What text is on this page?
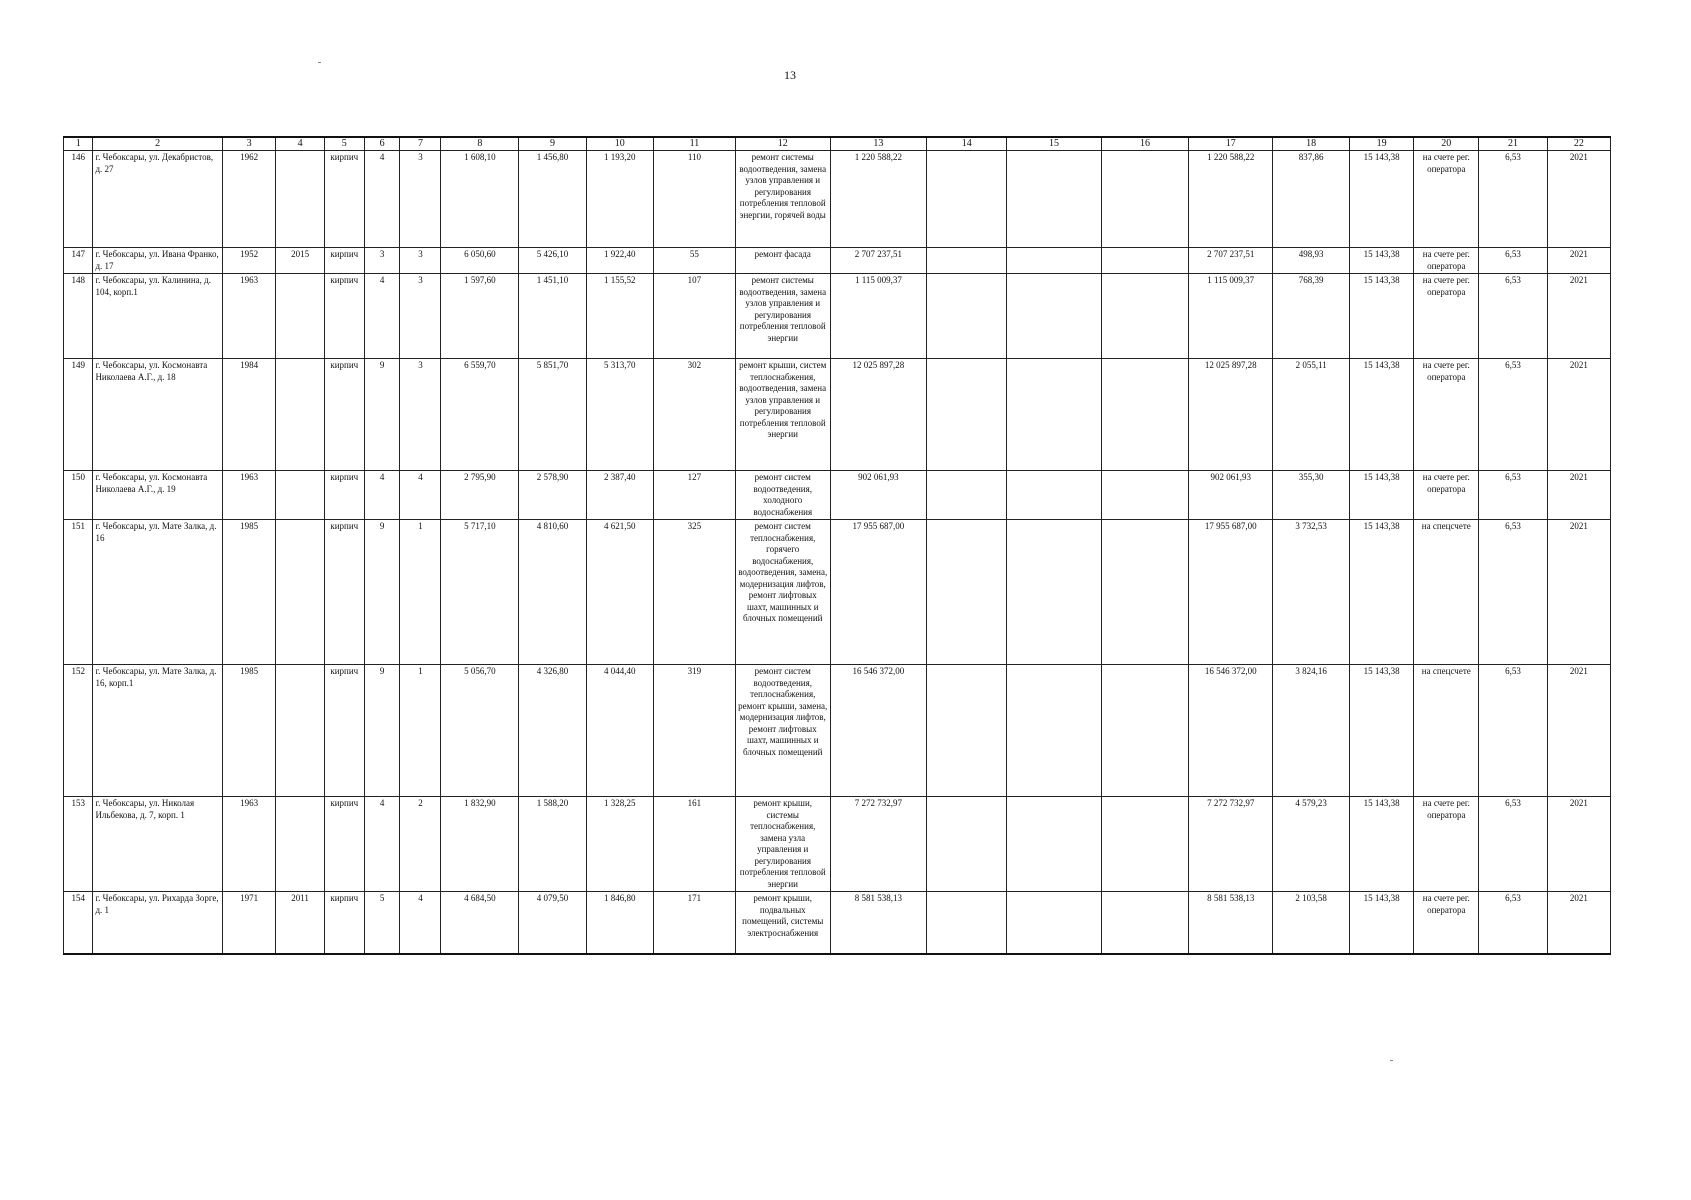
13
1	2	3	4	5	6	7	8	9	10	11	12	13	14	15	16	17	18	19	20	21	22
146	г. Чебоксары, ул. Декабристов, д. 27	1962		кирпич	4	3	1 608,10	1 456,80	1 193,20	110	ремонт системы водоотведения, замена узлов управления и регулирования потребления тепловой энергии, горячей воды	1 220 588,22				1 220 588,22	837,86	15 143,38	на счете рег. оператора	6,53	2021
147	г. Чебоксары, ул. Ивана Франко, д. 17	1952	2015	кирпич	3	3	6 050,60	5 426,10	1 922,40	55	ремонт фасада	2 707 237,51				2 707 237,51	498,93	15 143,38	на счете рег. оператора	6,53	2021
148	г. Чебоксары, ул. Калинина, д. 104, корп.1	1963		кирпич	4	3	1 597,60	1 451,10	1 155,52	107	ремонт системы водоотведения, замена узлов управления и регулирования потребления тепловой энергии	1 115 009,37				1 115 009,37	768,39	15 143,38	на счете рег. оператора	6,53	2021
149	г. Чебоксары, ул. Космонавта Николаева А.Г., д. 18	1984		кирпич	9	3	6 559,70	5 851,70	5 313,70	302	ремонт крыши, систем теплоснабжения, водоотведения, замена узлов управления и регулирования потребления тепловой энергии	12 025 897,28				12 025 897,28	2 055,11	15 143,38	на счете рег. оператора	6,53	2021
150	г. Чебоксары, ул. Космонавта Николаева А.Г., д. 19	1963		кирпич	4	4	2 795,90	2 578,90	2 387,40	127	ремонт систем водоотведения, холодного водоснабжения	902 061,93				902 061,93	355,30	15 143,38	на счете рег. оператора	6,53	2021
151	г. Чебоксары, ул. Мате Залка, д. 16	1985		кирпич	9	1	5 717,10	4 810,60	4 621,50	325	ремонт систем теплоснабжения, горячего водоснабжения, водоотведения, замена, модернизация лифтов, ремонт лифтовых шахт, машинных и блочных помещений	17 955 687,00				17 955 687,00	3 732,53	15 143,38	на спецсчете	6,53	2021
152	г. Чебоксары, ул. Мате Залка, д. 16, корп.1	1985		кирпич	9	1	5 056,70	4 326,80	4 044,40	319	ремонт систем водоотведения, теплоснабжения, ремонт крыши, замена, модернизация лифтов, ремонт лифтовых шахт, машинных и блочных помещений	16 546 372,00				16 546 372,00	3 824,16	15 143,38	на спецсчете	6,53	2021
153	г. Чебоксары, ул. Николая Ильбекова, д. 7, корп. 1	1963		кирпич	4	2	1 832,90	1 588,20	1 328,25	161	ремонт крыши, системы теплоснабжения, замена узла управления и регулирования потребления тепловой энергии	7 272 732,97				7 272 732,97	4 579,23	15 143,38	на счете рег. оператора	6,53	2021
154	г. Чебоксары, ул. Рихарда Зорге, д. 1	1971	2011	кирпич	5	4	4 684,50	4 079,50	1 846,80	171	ремонт крыши, подвальных помещений, системы электроснабжения	8 581 538,13				8 581 538,13	2 103,58	15 143,38	на счете рег. оператора	6,53	2021
